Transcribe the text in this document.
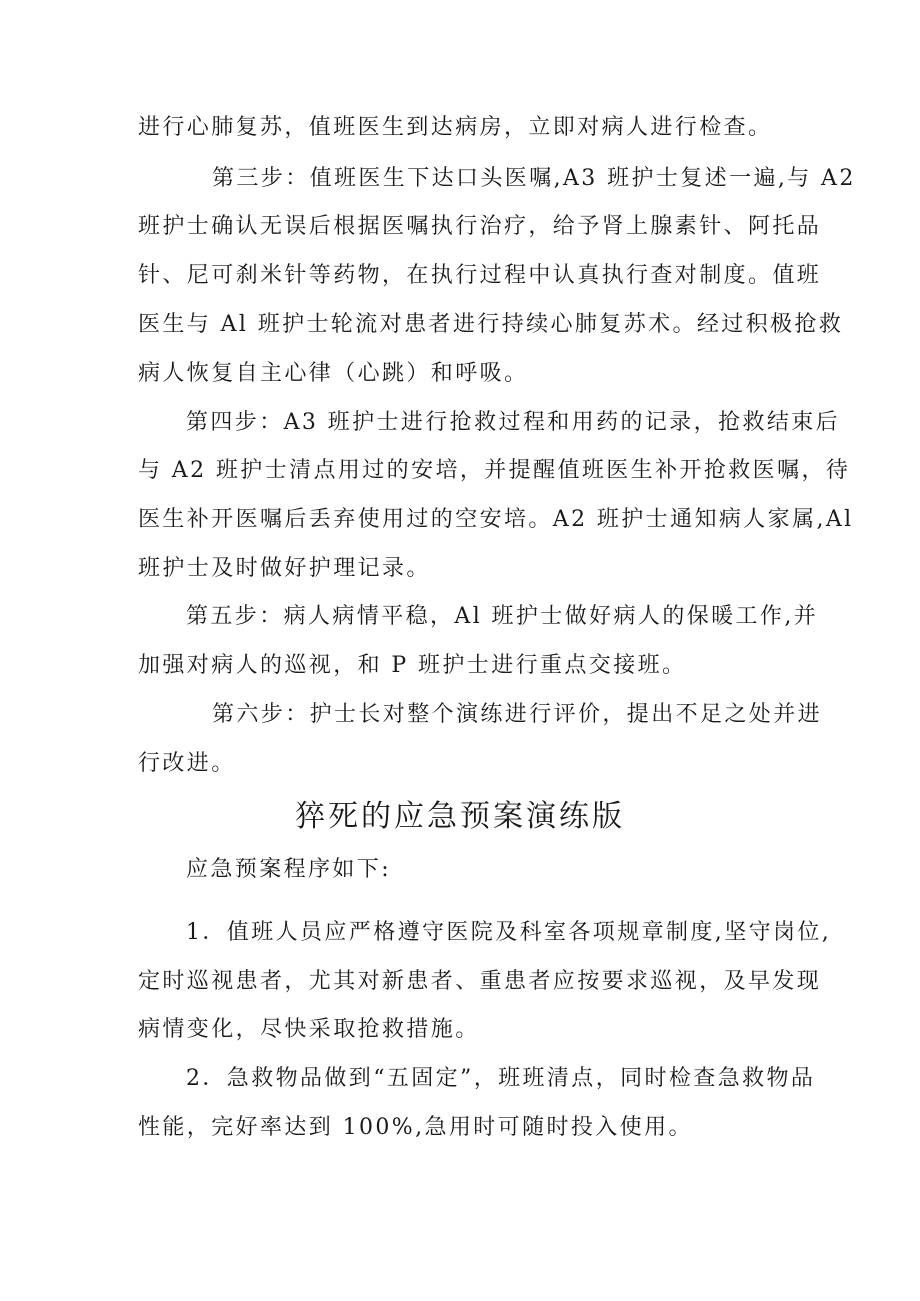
进行心肺复苏，值班医生到达病房，立即对病人进行检查。
第三步：值班医生下达口头医嘱,A3 班护士复述一遍,与 A2
班护士确认无误后根据医嘱执行治疗，给予肾上腺素针、阿托品
针、尼可刹米针等药物，在执行过程中认真执行查对制度。值班
医生与 Al 班护士轮流对患者进行持续心肺复苏术。经过积极抢救
病人恢复自主心律（心跳）和呼吸。
第四步：A3 班护士进行抢救过程和用药的记录，抢救结束后
与 A2 班护士清点用过的安培，并提醒值班医生补开抢救医嘱，待
医生补开医嘱后丢弃使用过的空安培。A2 班护士通知病人家属,Al
班护士及时做好护理记录。
第五步：病人病情平稳，Al 班护士做好病人的保暖工作,并
加强对病人的巡视，和 P 班护士进行重点交接班。
第六步：护士长对整个演练进行评价，提出不足之处并进
行改进。
猝死的应急预案演练版
应急预案程序如下:
1．值班人员应严格遵守医院及科室各项规章制度,坚守岗位,
定时巡视患者，尤其对新患者、重患者应按要求巡视，及早发现
病情变化，尽快采取抢救措施。
2．急救物品做到“五固定”，班班清点，同时检查急救物品
性能，完好率达到 100%,急用时可随时投入使用。
